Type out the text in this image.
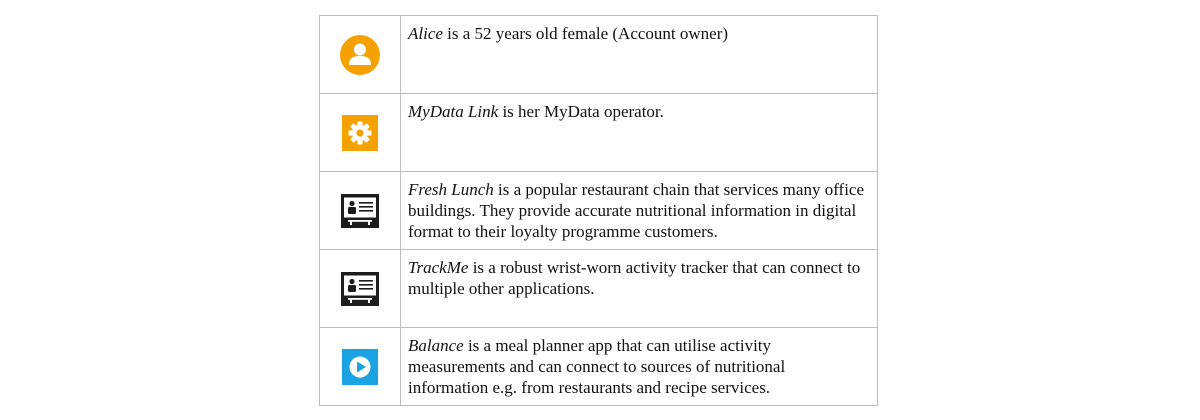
	Alice is a 52 years old female (Account owner)

	MyData Link is her MyData operator.

	Fresh Lunch is a popular restaurant chain that services many office buildings. They provide accurate nutritional information in digital format to their loyalty programme customers.

	TrackMe is a robust wrist-worn activity tracker that can connect to multiple other applications.

	Balance is a meal planner app that can utilise activity measurements and can connect to sources of nutritional information e.g. from restaurants and recipe services.
